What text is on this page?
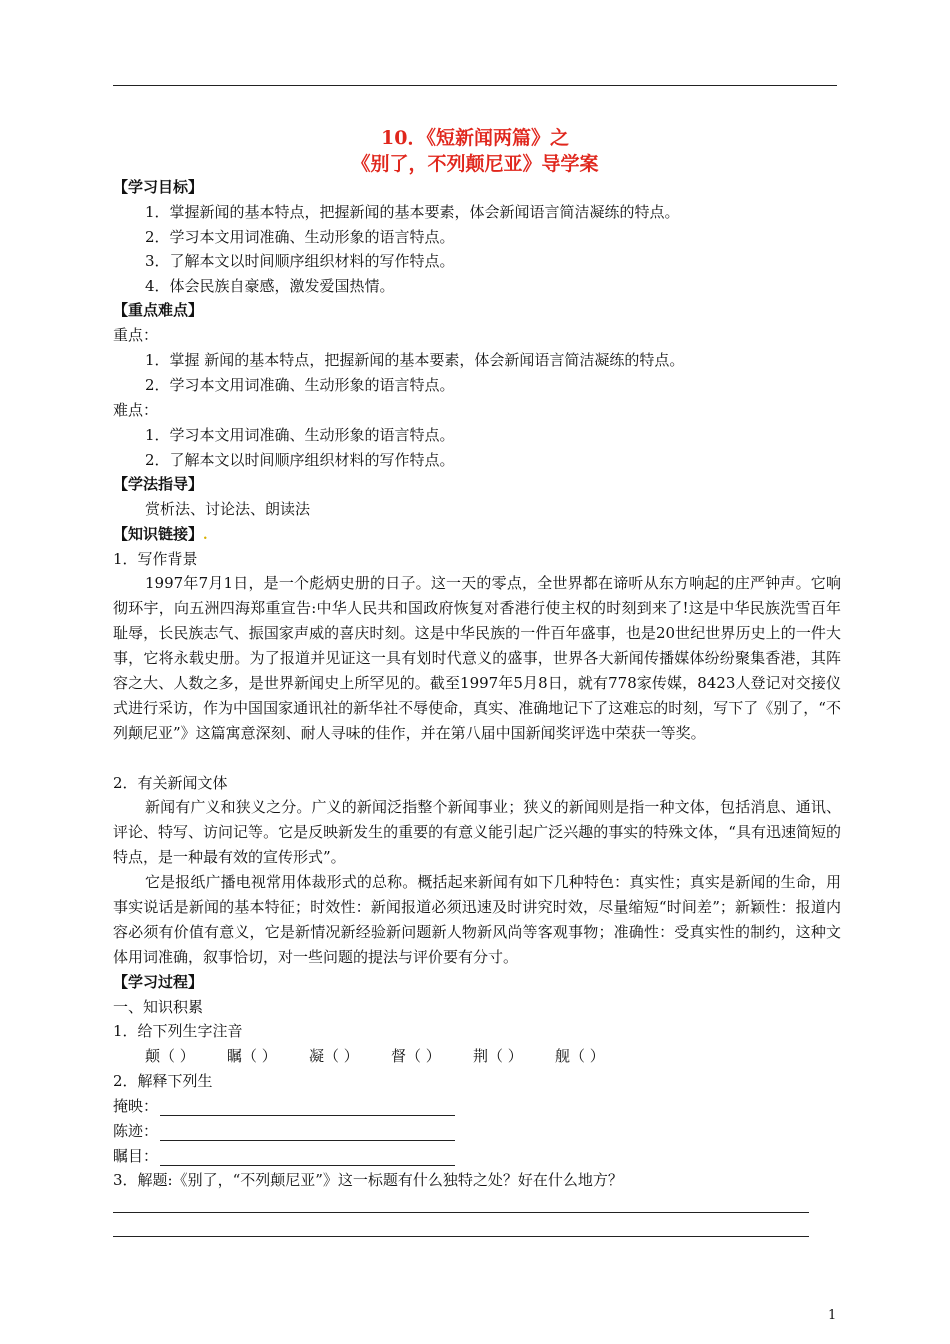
10．《短新闻两篇》之
《别了，不列颠尼亚》导学案
【学习目标】
1．掌握新闻的基本特点，把握新闻的基本要素，体会新闻语言简洁凝练的特点。
2．学习本文用词准确、生动形象的语言特点。
3．了解本文以时间顺序组织材料的写作特点。
4．体会民族自豪感，激发爱国热情。
【重点难点】
重点：
1．掌握 新闻的基本特点，把握新闻的基本要素，体会新闻语言简洁凝练的特点。
2．学习本文用词准确、生动形象的语言特点。
难点：
1．学习本文用词准确、生动形象的语言特点。
2．了解本文以时间顺序组织材料的写作特点。
【学法指导】
赏析法、讨论法、朗读法
【知识链接】.
1．写作背景
1997年7月1日，是一个彪炳史册的日子。这一天的零点，全世界都在谛听从东方响起的庄严钟声。它响彻环宇，向五洲四海郑重宣告:中华人民共和国政府恢复对香港行使主权的时刻到来了!这是中华民族洗雪百年耻辱，长民族志气、振国家声威的喜庆时刻。这是中华民族的一件百年盛事，也是20世纪世界历史上的一件大事，它将永载史册。为了报道并见证这一具有划时代意义的盛事，世界各大新闻传播媒体纷纷聚集香港，其阵容之大、人数之多，是世界新闻史上所罕见的。截至1997年5月8日，就有778家传媒，8423人登记对交接仪式进行采访，作为中国国家通讯社的新华社不辱使命，真实、准确地记下了这难忘的时刻，写下了《别了，“不列颠尼亚”》这篇寓意深刻、耐人寻味的佳作，并在第八届中国新闻奖评选中荣获一等奖。
2．有关新闻文体
新闻有广义和狭义之分。广义的新闻泛指整个新闻事业；狭义的新闻则是指一种文体，包括消息、通讯、评论、特写、访问记等。它是反映新发生的重要的有意义能引起广泛兴趣的事实的特殊文体，“具有迅速简短的特点，是一种最有效的宣传形式”。
它是报纸广播电视常用体裁形式的总称。概括起来新闻有如下几种特色：真实性；真实是新闻的生命，用事实说话是新闻的基本特征；时效性：新闻报道必须迅速及时讲究时效，尽量缩短“时间差”；新颖性：报道内容必须有价值有意义，它是新情况新经验新问题新人物新风尚等客观事物；准确性：受真实性的制约，这种文体用词准确，叙事恰切，对一些问题的提法与评价要有分寸。
【学习过程】
一、知识积累
1．给下列生字注音
颠（ ） 瞩（ ） 凝（ ） 督（ ） 荆（ ） 舰（ ）
2．解释下列生
掩映：
陈迹：
瞩目：
3．解题:《别了，“不列颠尼亚”》这一标题有什么独特之处？好在什么地方？
1
